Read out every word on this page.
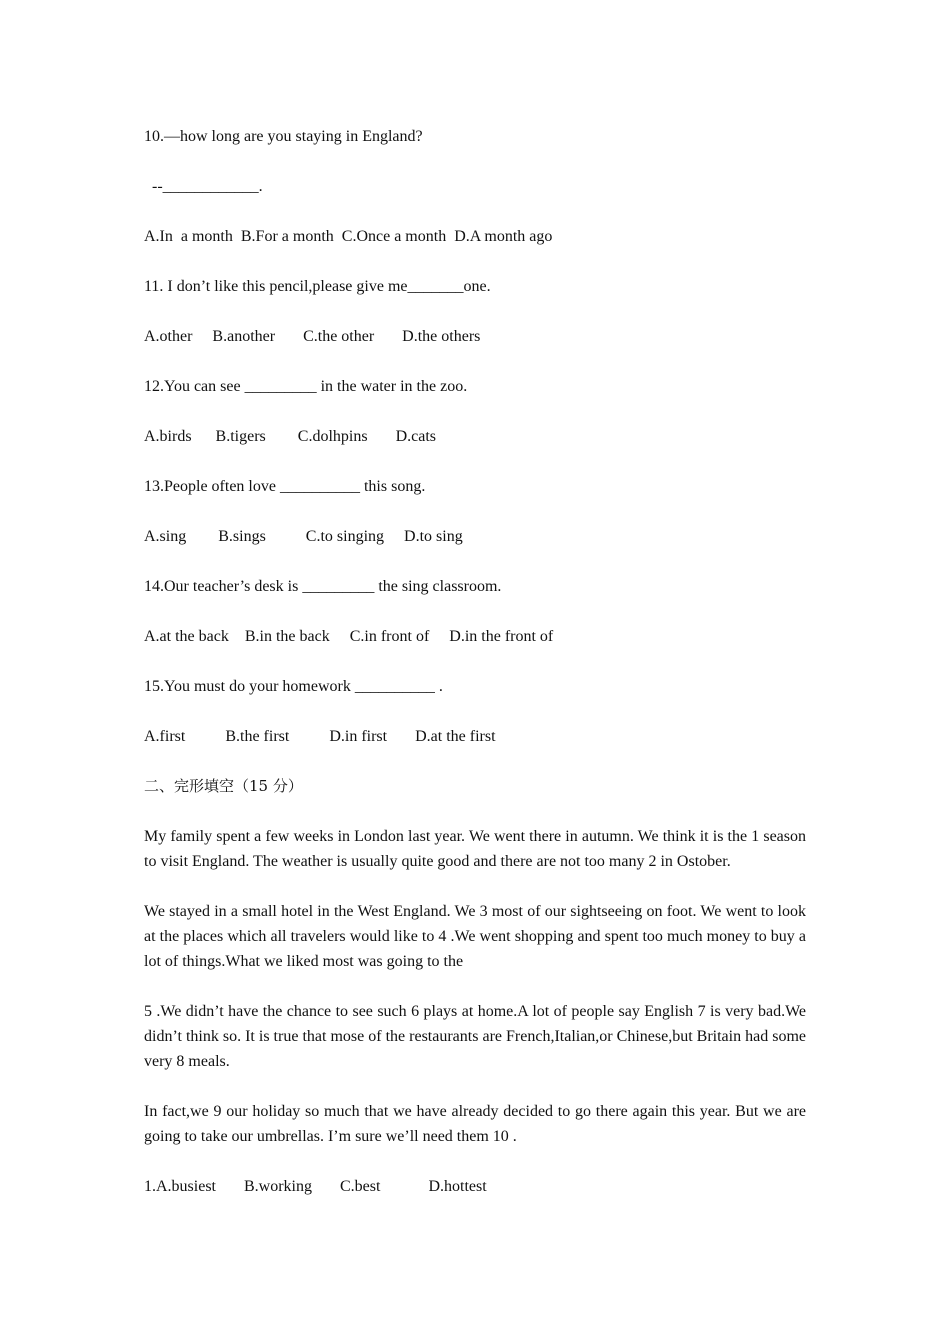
10.—how long are you staying in England?
--____________.
A.In  a month  B.For a month  C.Once a month  D.A month ago
11. I don’t like this pencil,please give me_______one.
A.other     B.another       C.the other       D.the others
12.You can see _________ in the water in the zoo.
A.birds      B.tigers        C.dolhpins       D.cats
13.People often love __________ this song.
A.sing        B.sings          C.to singing     D.to sing
14.Our teacher’s desk is _________ the sing classroom.
A.at the back    B.in the back     C.in front of     D.in the front of
15.You must do your homework __________ .
A.first          B.the first          D.in first       D.at the first
二、完形填空（15 分）
My family spent a few weeks in London last year. We went there in autumn. We think it is the 1 season to visit England. The weather is usually quite good and there are not too many 2 in Ostober.
We stayed in a small hotel in the West England. We 3 most of our sightseeing on foot. We went to look at the places which all travelers would like to 4 .We went shopping and spent too much money to buy a lot of things.What we liked most was going to the
5 .We didn’t have the chance to see such 6 plays at home.A lot of people say English 7 is very bad.We didn’t think so. It is true that mose of the restaurants are French,Italian,or Chinese,but Britain had some very 8 meals.
In fact,we 9 our holiday so much that we have already decided to go there again this year. But we are going to take our umbrellas. I’m sure we’ll need them 10 .
1.A.busiest       B.working       C.best            D.hottest
